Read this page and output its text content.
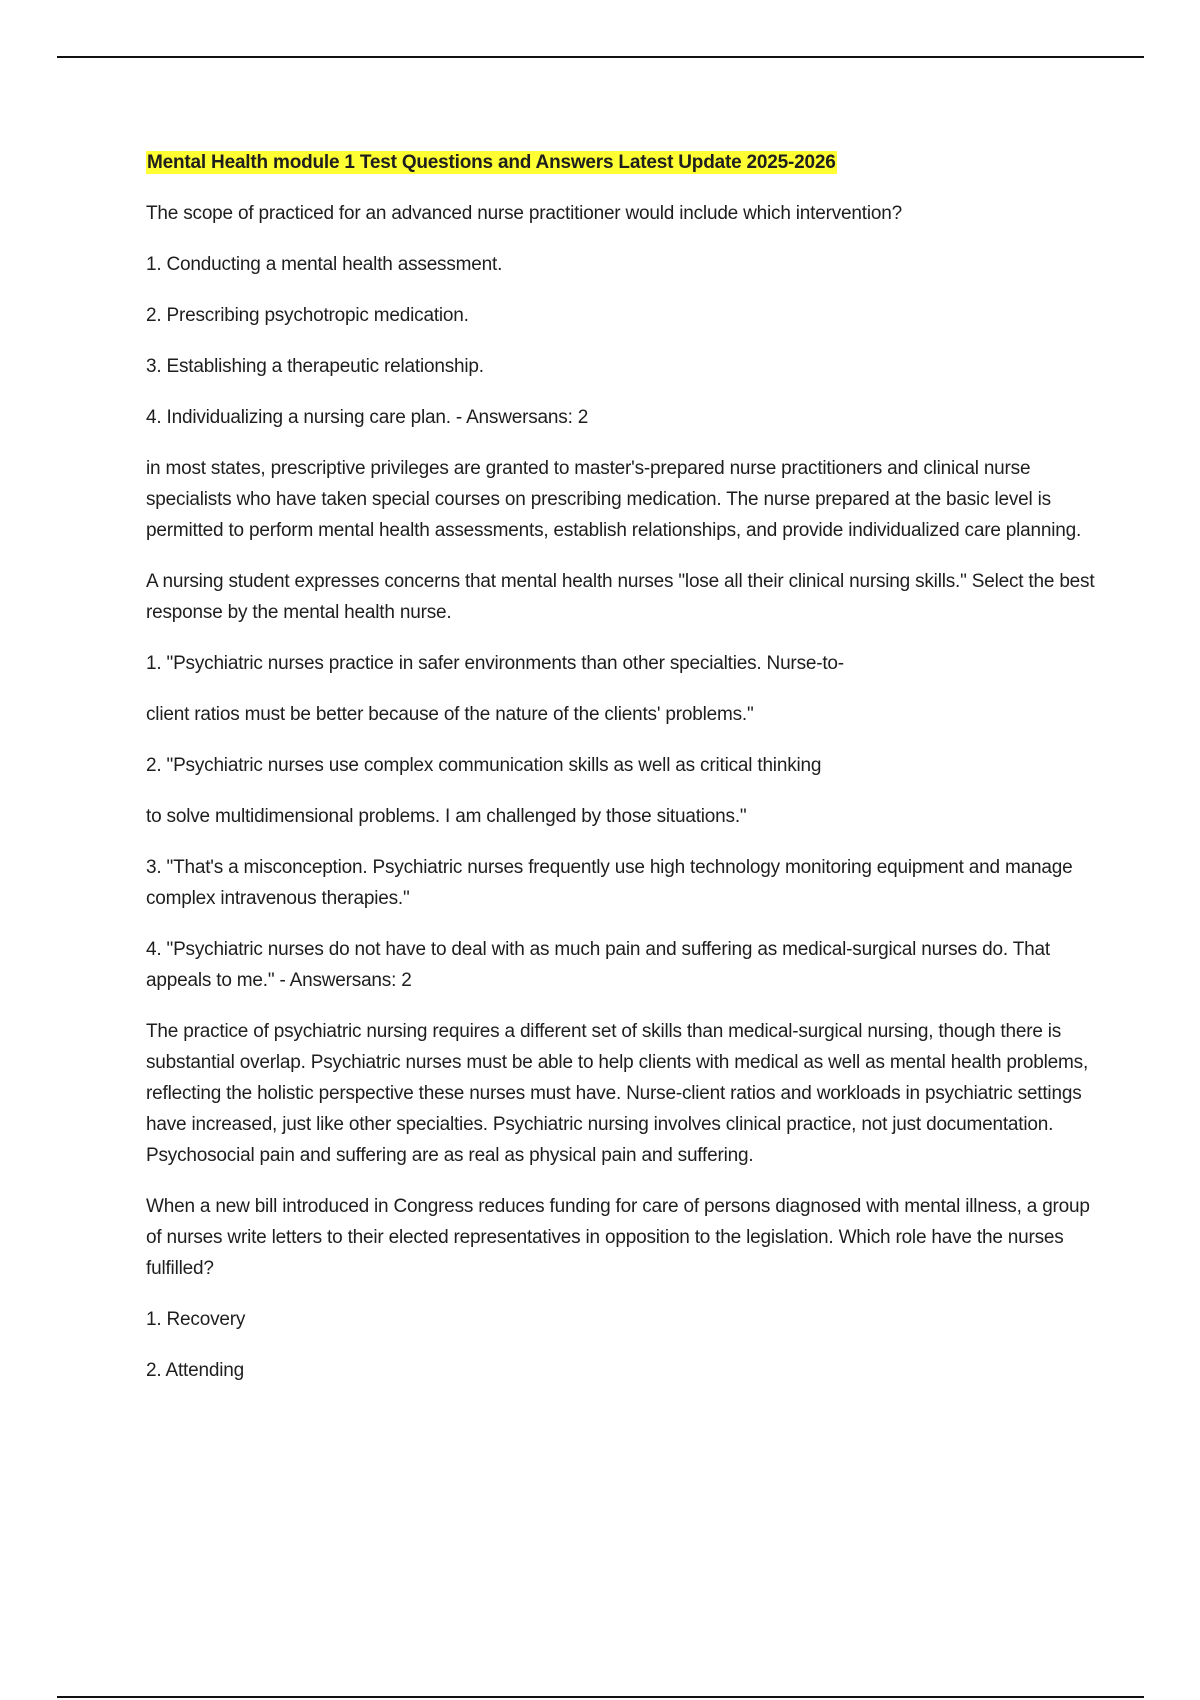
Mental Health module 1 Test Questions and Answers Latest Update 2025-2026

The scope of practiced for an advanced nurse practitioner would include which intervention?

1. Conducting a mental health assessment.

2. Prescribing psychotropic medication.

3. Establishing a therapeutic relationship.

4. Individualizing a nursing care plan. - Answersans: 2

in most states, prescriptive privileges are granted to master's-prepared nurse practitioners and clinical nurse specialists who have taken special courses on prescribing medication. The nurse prepared at the basic level is permitted to perform mental health assessments, establish relationships, and provide individualized care planning.

A nursing student expresses concerns that mental health nurses "lose all their clinical nursing skills." Select the best response by the mental health nurse.

1. "Psychiatric nurses practice in safer environments than other specialties. Nurse-to-

client ratios must be better because of the nature of the clients' problems."

2. "Psychiatric nurses use complex communication skills as well as critical thinking

to solve multidimensional problems. I am challenged by those situations."

3. "That's a misconception. Psychiatric nurses frequently use high technology monitoring equipment and manage complex intravenous therapies."

4. "Psychiatric nurses do not have to deal with as much pain and suffering as medical-surgical nurses do. That appeals to me." - Answersans: 2

The practice of psychiatric nursing requires a different set of skills than medical-surgical nursing, though there is substantial overlap. Psychiatric nurses must be able to help clients with medical as well as mental health problems, reflecting the holistic perspective these nurses must have. Nurse-client ratios and workloads in psychiatric settings have increased, just like other specialties. Psychiatric nursing involves clinical practice, not just documentation. Psychosocial pain and suffering are as real as physical pain and suffering.

When a new bill introduced in Congress reduces funding for care of persons diagnosed with mental illness, a group of nurses write letters to their elected representatives in opposition to the legislation. Which role have the nurses fulfilled?

1. Recovery

2. Attending
